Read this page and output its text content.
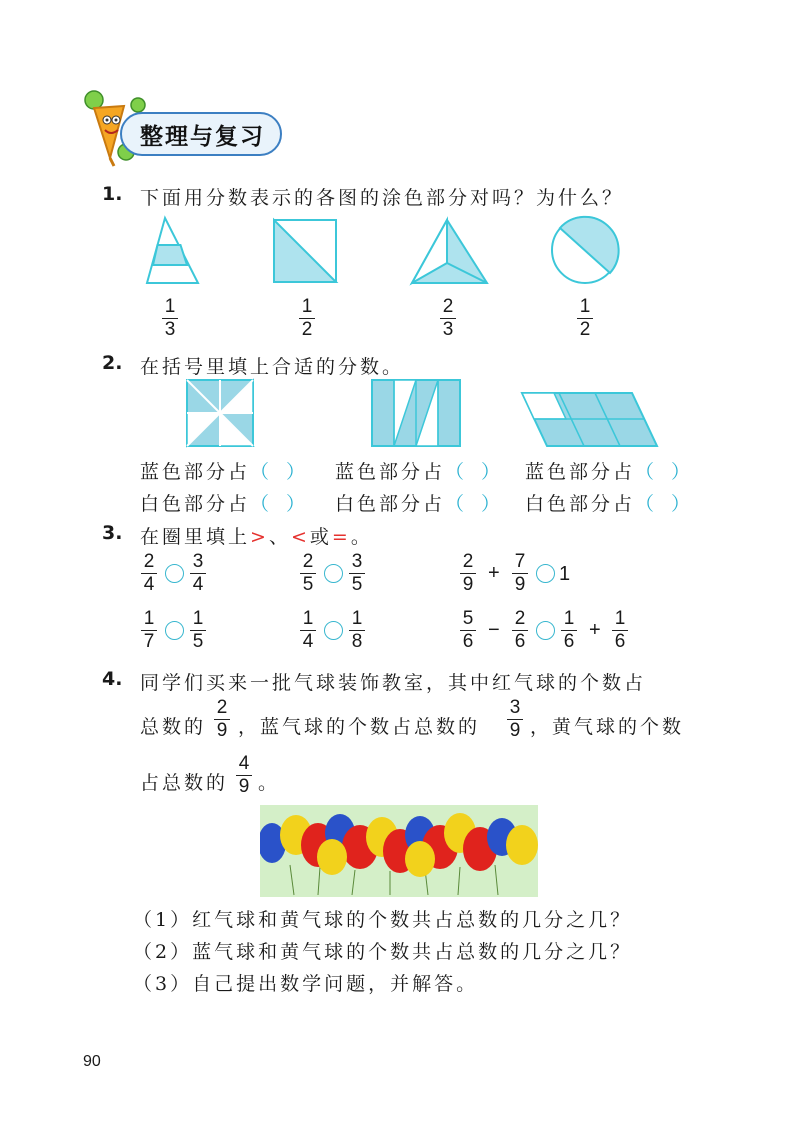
整理与复习
1. 下面用分数表示的各图的涂色部分对吗？为什么？
1
3
1
2
2
3
1
2
2. 在括号里填上合适的分数。
蓝色部分占（ ） 蓝色部分占（ ） 蓝色部分占（ ）
白色部分占（ ） 白色部分占（ ） 白色部分占（ ）
3. 在圈里填上>、<或=。
2
4
3
4
2
5
3
5
2
9
+
7
9 1
1
7
1
5
1
4
1
8
5
6
−
2
6
1
6
+
1
6
4. 同学们买来一批气球装饰教室，其中红气球的个数占
总数的
2
9 ，蓝气球的个数占总数的
3
9 ，黄气球的个数
占总数的
4
9 。
（1）红气球和黄气球的个数共占总数的几分之几？
（2）蓝气球和黄气球的个数共占总数的几分之几？
（3）自己提出数学问题，并解答。
90
